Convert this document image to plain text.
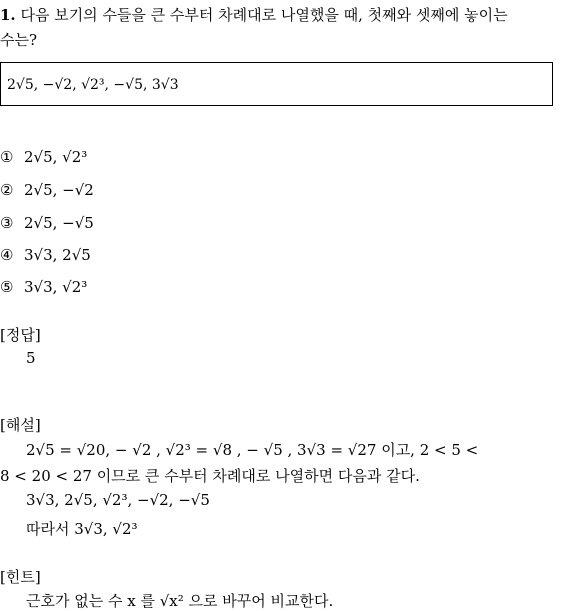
1. 다음 보기의 수들을 큰 수부터 차례대로 나열했을 때, 첫째와 셋째에 놓이는
수는?
2√5, −√2, √2³, −√5, 3√3
① 2√5, √2³
② 2√5, −√2
③ 2√5, −√5
④ 3√3, 2√5
⑤ 3√3, √2³
[정답]
5
[해설]
2√5 = √20, − √2 , √2³ = √8 , − √5 , 3√3 = √27 이고, 2 < 5 <
8 < 20 < 27 이므로 큰 수부터 차례대로 나열하면 다음과 같다.
3√3, 2√5, √2³, −√2, −√5
따라서 3√3, √2³
[힌트]
근호가 없는 수 x 를 √x² 으로 바꾸어 비교한다.
